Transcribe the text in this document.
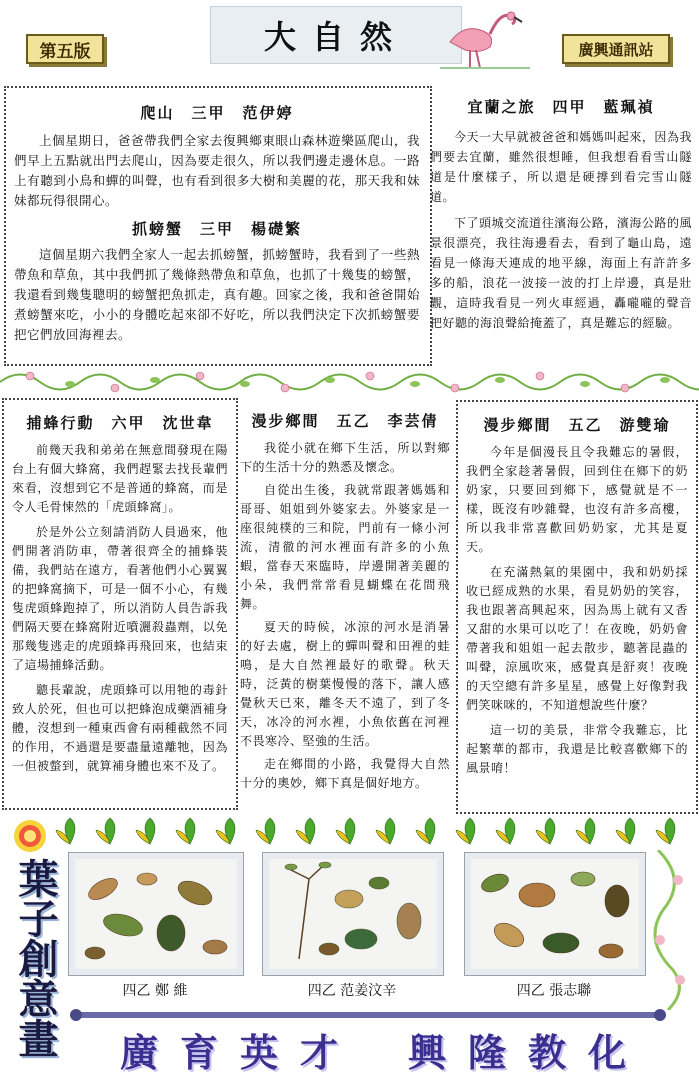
第五版	大自然	廣興通訊站
爬山　三甲　范伊婷

上個星期日，爸爸帶我們全家去復興鄉東眼山森林遊樂區爬山，我們早上五點就出門去爬山，因為要走很久，所以我們邊走邊休息。一路上有聽到小鳥和蟬的叫聲，也有看到很多大樹和美麗的花，那天我和妹妹都玩得很開心。

抓螃蟹　三甲　楊礎繁

這個星期六我們全家人一起去抓螃蟹，抓螃蟹時，我看到了一些熱帶魚和草魚，其中我們抓了幾條熱帶魚和草魚，也抓了十幾隻的螃蟹，我還看到幾隻聰明的螃蟹把魚抓走，真有趣。回家之後，我和爸爸開始煮螃蟹來吃，小小的身體吃起來卻不好吃，所以我們決定下次抓螃蟹要把它們放回海裡去。

宜蘭之旅　四甲　藍珮禎

今天一大早就被爸爸和媽媽叫起來，因為我們要去宜蘭，雖然很想睡，但我想看看雪山隧道是什麼樣子，所以還是硬撐到看完雪山隧道。

下了頭城交流道往濱海公路，濱海公路的風景很漂亮，我往海邊看去，看到了龜山島，遠看見一條海天連成的地平線，海面上有許許多多的船，浪花一波接一波的打上岸邊，真是壯觀，這時我看見一列火車經過，轟嚨嚨的聲音把好聽的海浪聲給掩蓋了，真是難忘的經驗。

捕蜂行動　六甲　沈世韋

前幾天我和弟弟在無意間發現在陽台上有個大蜂窩，我們趕緊去找長輩們來看，沒想到它不是普通的蜂窩，而是令人毛骨悚然的「虎頭蜂窩」。

於是外公立刻請消防人員過來，他們開著消防車，帶著很齊全的捕蜂裝備，我們站在遠方，看著他們小心翼翼的把蜂窩摘下，可是一個不小心，有幾隻虎頭蜂跑掉了，所以消防人員告訴我們隔天要在蜂窩附近噴灑殺蟲劑，以免那幾隻逃走的虎頭蜂再飛回來，也結束了這場捕蜂活動。

聽長輩說，虎頭蜂可以用牠的毒針致人於死，但也可以把蜂泡成藥酒補身體，沒想到一種東西會有兩種截然不同的作用，不過還是要盡量遠離牠，因為一但被螫到，就算補身體也來不及了。

漫步鄉間　五乙　李芸倩

我從小就在鄉下生活，所以對鄉下的生活十分的熟悉及懷念。

自從出生後，我就常跟著媽媽和哥哥、姐姐到外婆家去。外婆家是一座很純樸的三和院，門前有一條小河流，清徹的河水裡面有許多的小魚蝦，當春天來臨時，岸邊開著美麗的小朵，我們常常看見蝴蝶在花間飛舞。

夏天的時候，冰涼的河水是消暑的好去處，樹上的蟬叫聲和田裡的蛙鳴，是大自然裡最好的歌聲。秋天時，泛黃的樹葉慢慢的落下，讓人感覺秋天已來，離冬天不遠了，到了冬天，冰冷的河水裡，小魚依舊在河裡不畏寒冷、堅強的生活。

走在鄉間的小路，我覺得大自然十分的奧妙，鄉下真是個好地方。

漫步鄉間　五乙　游雙瑜

今年是個漫長且令我難忘的暑假，我們全家趁著暑假，回到住在鄉下的奶奶家，只要回到鄉下，感覺就是不一樣，既沒有吵雜聲，也沒有許多高樓，所以我非常喜歡回奶奶家，尤其是夏天。

在充滿熱氣的果園中，我和奶奶採收已經成熟的水果，看見奶奶的笑容，我也跟著高興起來，因為馬上就有又香又甜的水果可以吃了！在夜晚，奶奶會帶著我和姐姐一起去散步，聽著昆蟲的叫聲，涼風吹來，感覺真是舒爽！夜晚的天空總有許多星星，感覺上好像對我們笑咪咪的，不知道想說些什麼？

這一切的美景，非常令我難忘，比起繁華的都市，我還是比較喜歡鄉下的風景唷！

葉子創意畫	四乙 鄭 維	四乙 范姜汶辛	四乙 張志聯
廣育英才 興隆教化
